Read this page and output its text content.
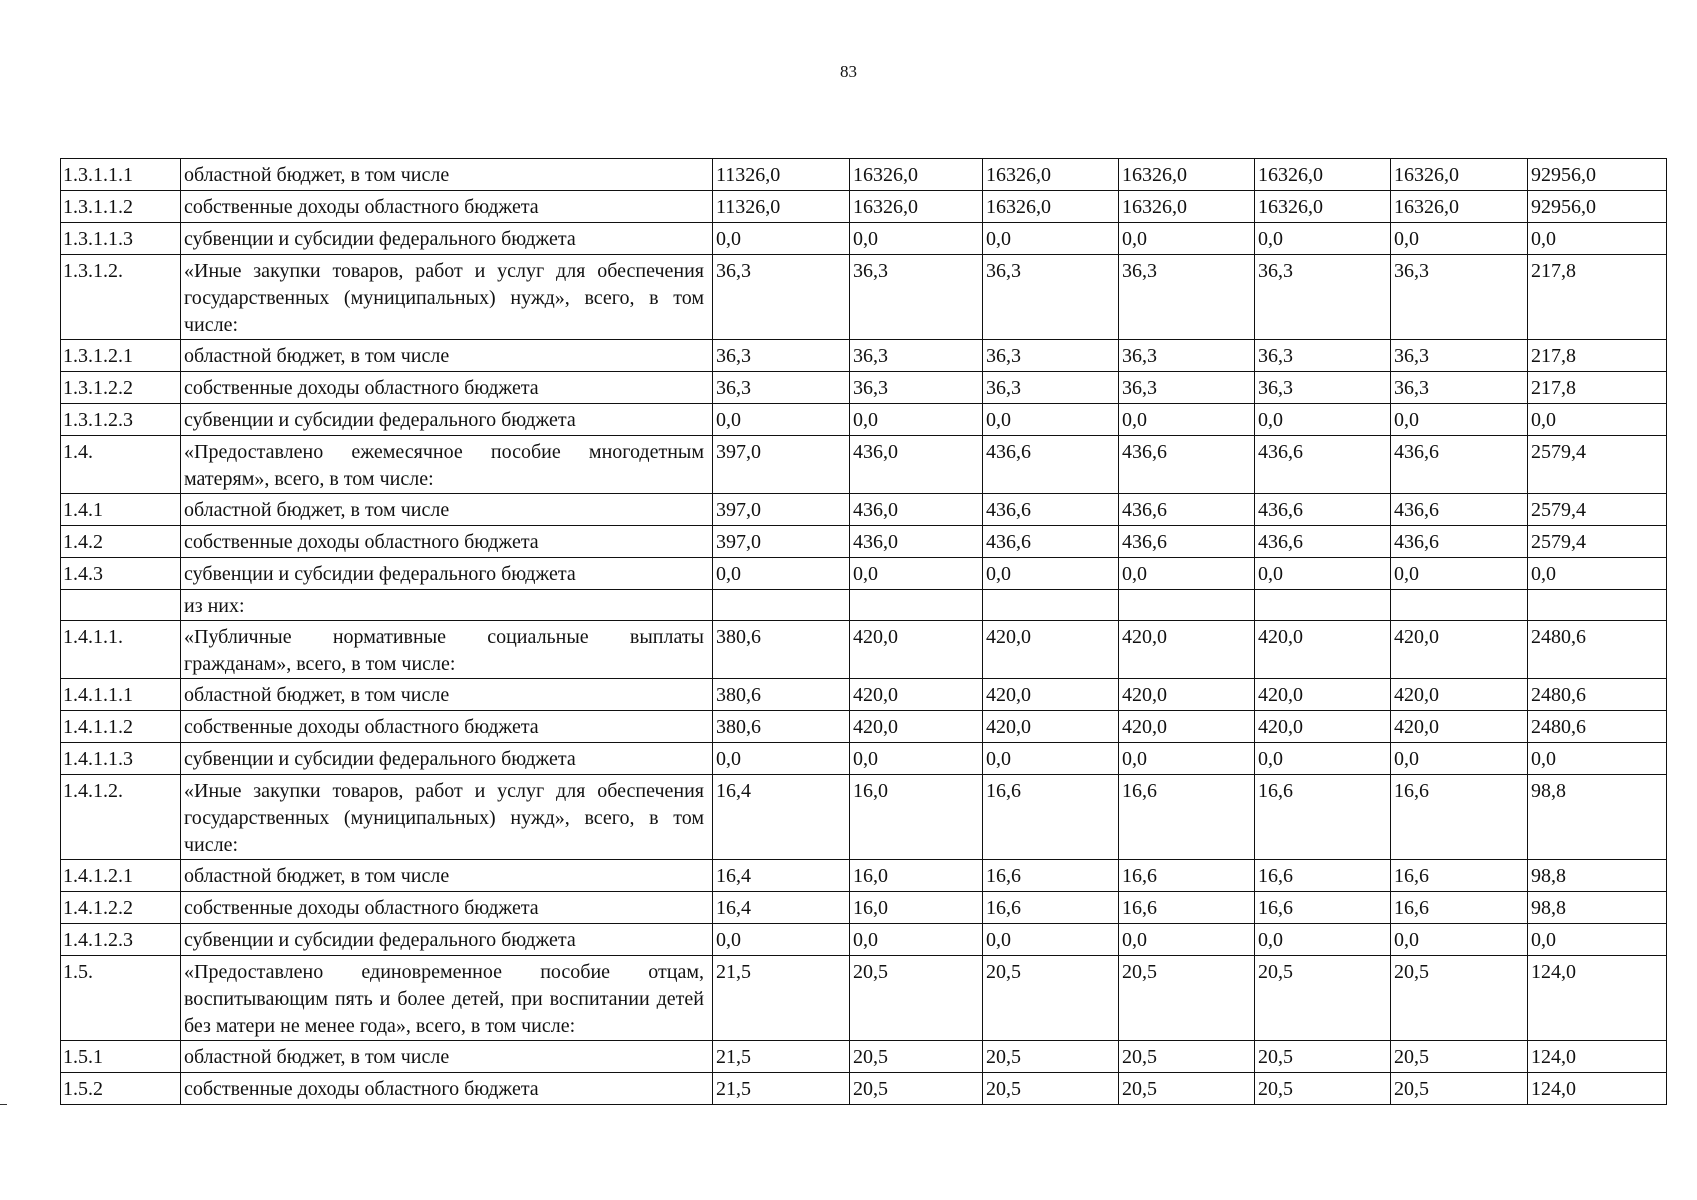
83
1.3.1.1.1	областной бюджет, в том числе	11326,0	16326,0	16326,0	16326,0	16326,0	16326,0	92956,0
1.3.1.1.2	собственные доходы областного бюджета	11326,0	16326,0	16326,0	16326,0	16326,0	16326,0	92956,0
1.3.1.1.3	субвенции и субсидии федерального бюджета	0,0	0,0	0,0	0,0	0,0	0,0	0,0
1.3.1.2.	«Иные закупки товаров, работ и услуг для обеспечения государственных (муниципальных) нужд», всего, в том числе:	36,3	36,3	36,3	36,3	36,3	36,3	217,8
1.3.1.2.1	областной бюджет, в том числе	36,3	36,3	36,3	36,3	36,3	36,3	217,8
1.3.1.2.2	собственные доходы областного бюджета	36,3	36,3	36,3	36,3	36,3	36,3	217,8
1.3.1.2.3	субвенции и субсидии федерального бюджета	0,0	0,0	0,0	0,0	0,0	0,0	0,0
1.4.	«Предоставлено ежемесячное пособие многодетным матерям», всего, в том числе:	397,0	436,0	436,6	436,6	436,6	436,6	2579,4
1.4.1	областной бюджет, в том числе	397,0	436,0	436,6	436,6	436,6	436,6	2579,4
1.4.2	собственные доходы областного бюджета	397,0	436,0	436,6	436,6	436,6	436,6	2579,4
1.4.3	субвенции и субсидии федерального бюджета	0,0	0,0	0,0	0,0	0,0	0,0	0,0
	из них:							
1.4.1.1.	«Публичные нормативные социальные выплаты гражданам», всего, в том числе:	380,6	420,0	420,0	420,0	420,0	420,0	2480,6
1.4.1.1.1	областной бюджет, в том числе	380,6	420,0	420,0	420,0	420,0	420,0	2480,6
1.4.1.1.2	собственные доходы областного бюджета	380,6	420,0	420,0	420,0	420,0	420,0	2480,6
1.4.1.1.3	субвенции и субсидии федерального бюджета	0,0	0,0	0,0	0,0	0,0	0,0	0,0
1.4.1.2.	«Иные закупки товаров, работ и услуг для обеспечения государственных (муниципальных) нужд», всего, в том числе:	16,4	16,0	16,6	16,6	16,6	16,6	98,8
1.4.1.2.1	областной бюджет, в том числе	16,4	16,0	16,6	16,6	16,6	16,6	98,8
1.4.1.2.2	собственные доходы областного бюджета	16,4	16,0	16,6	16,6	16,6	16,6	98,8
1.4.1.2.3	субвенции и субсидии федерального бюджета	0,0	0,0	0,0	0,0	0,0	0,0	0,0
1.5.	«Предоставлено единовременное пособие отцам, воспитывающим пять и более детей, при воспитании детей без матери не менее года», всего, в том числе:	21,5	20,5	20,5	20,5	20,5	20,5	124,0
1.5.1	областной бюджет, в том числе	21,5	20,5	20,5	20,5	20,5	20,5	124,0
1.5.2	собственные доходы областного бюджета	21,5	20,5	20,5	20,5	20,5	20,5	124,0
